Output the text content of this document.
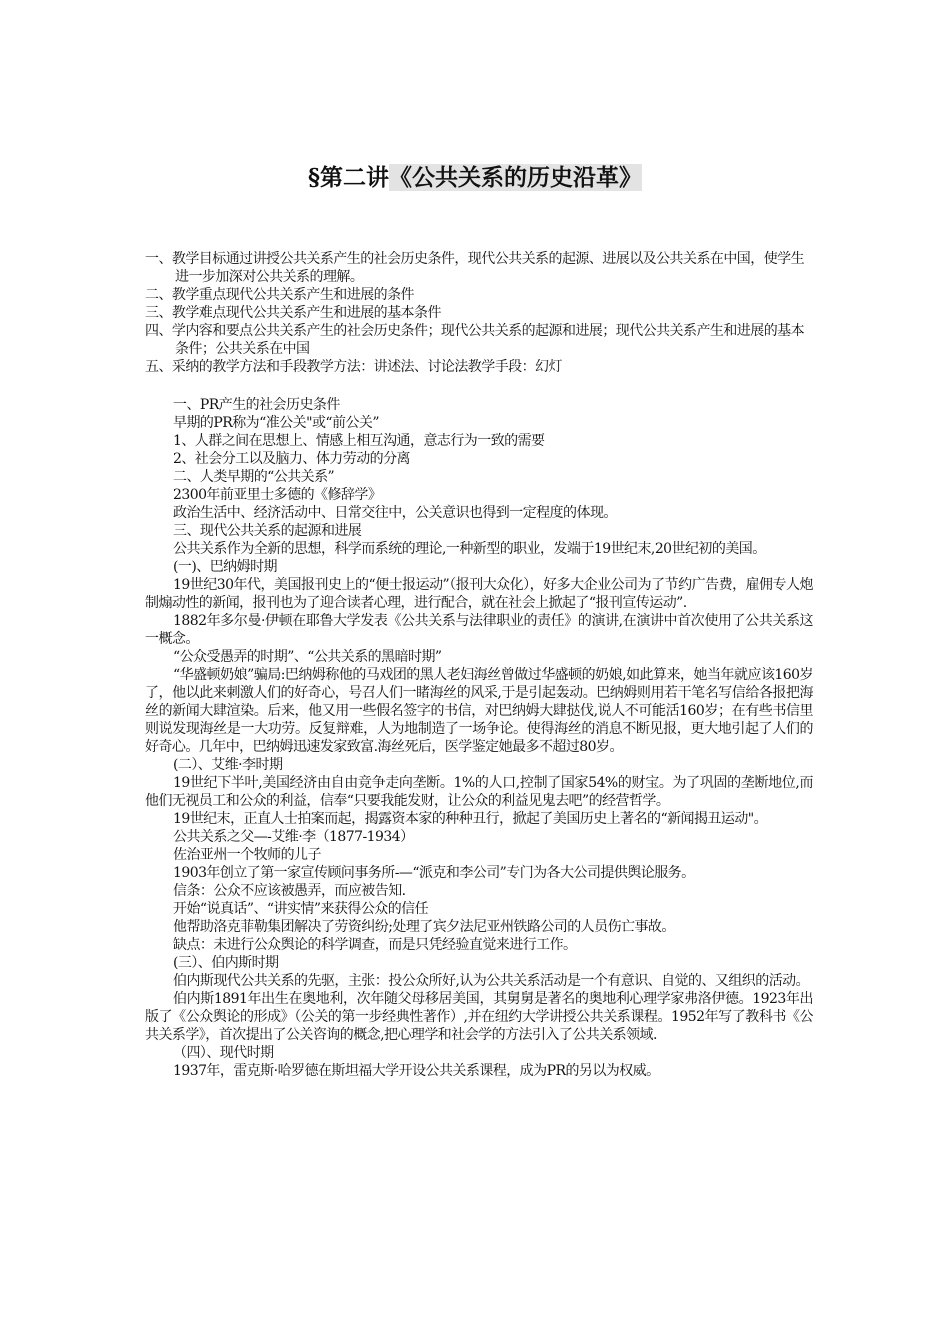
§第二讲《公共关系的历史沿革》

一、教学目标通过讲授公共关系产生的社会历史条件，现代公共关系的起源、进展以及公共关系在中国，使学生进一步加深对公共关系的理解。

二、教学重点现代公共关系产生和进展的条件

三、教学难点现代公共关系产生和进展的基本条件

四、学内容和要点公共关系产生的社会历史条件；现代公共关系的起源和进展；现代公共关系产生和进展的基本条件；公共关系在中国

五、采纳的教学方法和手段教学方法：讲述法、讨论法教学手段：幻灯

一、PR产生的社会历史条件

早期的PR称为“准公关"或“前公关”

1、人群之间在思想上、情感上相互沟通，意志行为一致的需要

2、社会分工以及脑力、体力劳动的分离

二、人类早期的“公共关系”

2300年前亚里士多德的《修辞学》

政治生活中、经济活动中、日常交往中，公关意识也得到一定程度的体现。

三、现代公共关系的起源和进展

公共关系作为全新的思想，科学而系统的理论,一种新型的职业，发端于19世纪末,20世纪初的美国。

(一)、巴纳姆时期

19世纪30年代，美国报刊史上的“便士报运动”（报刊大众化），好多大企业公司为了节约广告费，雇佣专人炮制煽动性的新闻，报刊也为了迎合读者心理，进行配合，就在社会上掀起了“报刊宣传运动”.

1882年多尔曼·伊顿在耶鲁大学发表《公共关系与法律职业的责任》的演讲,在演讲中首次使用了公共关系这一概念。

“公众受愚弄的时期”、“公共关系的黑暗时期”

“华盛顿奶娘”骗局:巴纳姆称他的马戏团的黑人老妇海丝曾做过华盛顿的奶娘,如此算来，她当年就应该160岁了，他以此来刺激人们的好奇心，号召人们一睹海丝的风采,于是引起轰动。巴纳姆则用若干笔名写信给各报把海丝的新闻大肆渲染。后来，他又用一些假名签字的书信，对巴纳姆大肆挞伐,说人不可能活160岁；在有些书信里则说发现海丝是一大功劳。反复辩难，人为地制造了一场争论。使得海丝的消息不断见报，更大地引起了人们的好奇心。几年中，巴纳姆迅速发家致富.海丝死后，医学鉴定她最多不超过80岁。

(二）、艾维·李时期

19世纪下半叶,美国经济由自由竞争走向垄断。1%的人口,控制了国家54%的财宝。为了巩固的垄断地位,而他们无视员工和公众的利益，信奉“只要我能发财，让公众的利益见鬼去吧”的经营哲学。

19世纪末，正直人士拍案而起，揭露资本家的种种丑行，掀起了美国历史上著名的“新闻揭丑运动"。

公共关系之父—-艾维·李（1877-1934）

佐治亚州一个牧师的儿子

1903年创立了第一家宣传顾问事务所-—“派克和李公司”专门为各大公司提供舆论服务。

信条：公众不应该被愚弄，而应被告知.

开始“说真话”、“讲实情”来获得公众的信任

他帮助洛克菲勒集团解决了劳资纠纷;处理了宾夕法尼亚州铁路公司的人员伤亡事故。

缺点：未进行公众舆论的科学调查，而是只凭经验直觉来进行工作。

(三）、伯内斯时期

伯内斯现代公共关系的先驱，主张：投公众所好,认为公共关系活动是一个有意识、自觉的、又组织的活动。

伯内斯1891年出生在奥地利，次年随父母移居美国，其舅舅是著名的奥地利心理学家弗洛伊德。1923年出版了《公众舆论的形成》（公关的第一步经典性著作）,并在纽约大学讲授公共关系课程。1952年写了教科书《公共关系学》，首次提出了公关咨询的概念,把心理学和社会学的方法引入了公共关系领域.

（四）、现代时期

1937年，雷克斯·哈罗德在斯坦福大学开设公共关系课程，成为PR的另以为权威。
